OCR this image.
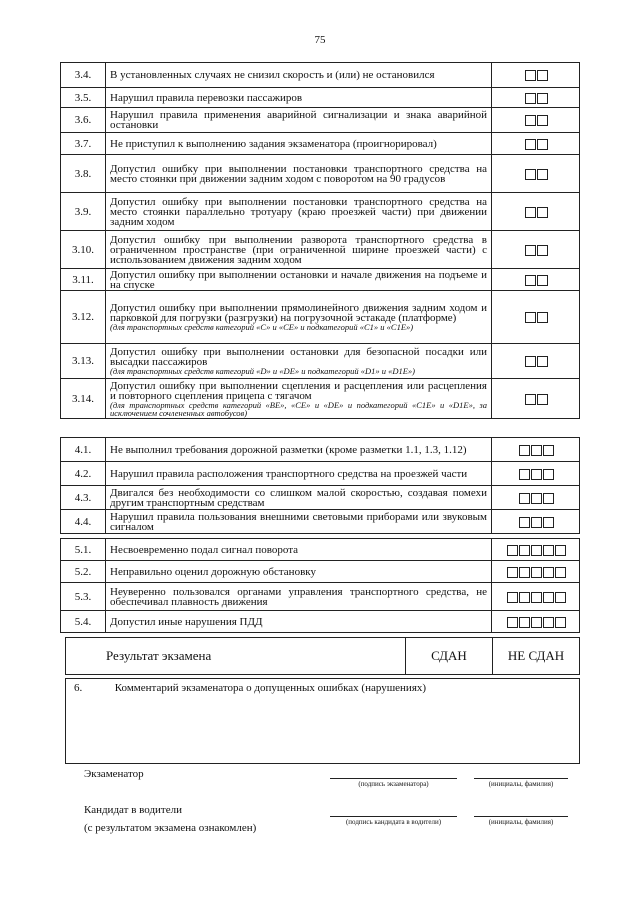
75
3.4.	В установленных случаях не снизил скорость и (или) не остановился	
3.5.	Нарушил правила перевозки пассажиров	
3.6.	Нарушил правила применения аварийной сигнализации и знака аварийной остановки	
3.7.	Не приступил к выполнению задания экзаменатора (проигнорировал)	
3.8.	Допустил ошибку при выполнении постановки транспортного средства на место стоянки при движении задним ходом с поворотом на 90 градусов	
3.9.	Допустил ошибку при выполнении постановки транспортного средства на место стоянки параллельно тротуару (краю проезжей части) при движении задним ходом	
3.10.	Допустил ошибку при выполнении разворота транспортного средства в ограниченном пространстве (при ограниченной ширине проезжей части) с использованием движения задним ходом	
3.11.	Допустил ошибку при выполнении остановки и начале движения на подъеме и на спуске	
3.12.	Допустил ошибку при выполнении прямолинейного движения задним ходом и парковкой для погрузки (разгрузки) на погрузочной эстакаде (платформе)
(для транспортных средств категорий «С» и «СЕ» и подкатегорий «С1» и «С1Е»)	

3.13.	Допустил ошибку при выполнении остановки для безопасной посадки или высадки пассажиров
(для транспортных средств категорий «D» и «DE» и подкатегорий «D1» и «D1E»)	

3.14.	Допустил ошибку при выполнении сцепления и расцепления или расцепления и повторного сцепления прицепа с тягачом
(для транспортных средств категорий «ВЕ», «СЕ» и «DE» и подкатегорий «С1Е» и «D1E», за исключением сочлененных автобусов)	

4.1.	Не выполнил требования дорожной разметки (кроме разметки 1.1, 1.3, 1.12)	
4.2.	Нарушил правила расположения транспортного средства на проезжей части	
4.3.	Двигался без необходимости со слишком малой скоростью, создавая помехи другим транспортным средствам	
4.4.	Нарушил правила пользования внешними световыми приборами или звуковым сигналом	
5.1.	Несвоевременно подал сигнал поворота	
5.2.	Неправильно оценил дорожную обстановку	
5.3.	Неуверенно пользовался органами управления транспортного средства, не обеспечивал плавность движения	
5.4.	Допустил иные нарушения ПДД	
Результат экзамена	СДАН	НЕ СДАН
6.	Комментарий экзаменатора о допущенных ошибках (нарушениях)
Экзаменатор
(подпись экзаменатора)	(инициалы, фамилия)
Кандидат в водители
(с результатом экзамена ознакомлен)	(подпись кандидата в водители)	(инициалы, фамилия)
